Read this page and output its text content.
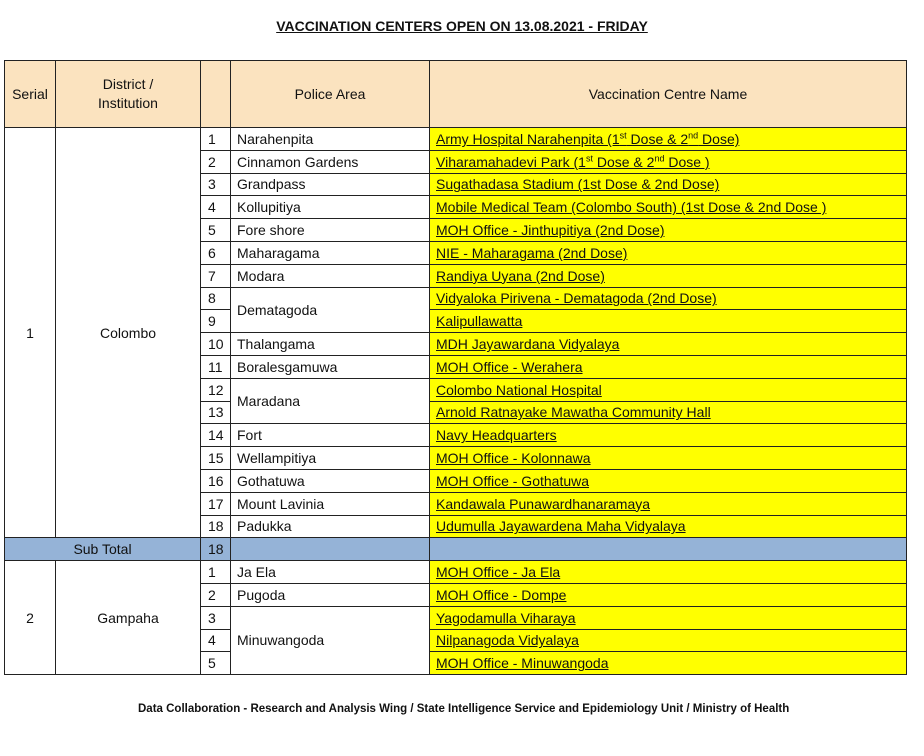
VACCINATION CENTERS OPEN ON 13.08.2021 - FRIDAY
Serial	District /
Institution		Police Area	Vaccination Centre Name
1	Colombo	1	Narahenpita	Army Hospital Narahenpita (1st Dose & 2nd Dose)
		2	Cinnamon Gardens	Viharamahadevi Park (1st Dose & 2nd Dose )
		3	Grandpass	Sugathadasa Stadium (1st Dose & 2nd Dose)
		4	Kollupitiya	Mobile Medical Team (Colombo South) (1st Dose & 2nd Dose )
		5	Fore shore	MOH Office - Jinthupitiya (2nd Dose)
		6	Maharagama	NIE - Maharagama (2nd Dose)
		7	Modara	Randiya Uyana (2nd Dose)
		8	Dematagoda	Vidyaloka Pirivena - Dematagoda (2nd Dose)
		9		Kalipullawatta
		10	Thalangama	MDH Jayawardana Vidyalaya
		11	Boralesgamuwa	MOH Office - Werahera
		12	Maradana	Colombo National Hospital
		13		Arnold Ratnayake Mawatha Community Hall
		14	Fort	Navy Headquarters
		15	Wellampitiya	MOH Office - Kolonnawa
		16	Gothatuwa	MOH Office - Gothatuwa
		17	Mount Lavinia	Kandawala Punawardhanaramaya
		18	Padukka	Udumulla Jayawardena Maha Vidyalaya
Sub Total		18		
2	Gampaha	1	Ja Ela	MOH Office - Ja Ela
		2	Pugoda	MOH Office - Dompe
		3	Minuwangoda	Yagodamulla Viharaya
		4		Nilpanagoda Vidyalaya
		5		MOH Office - Minuwangoda
Data Collaboration - Research and Analysis Wing / State Intelligence Service and Epidemiology Unit / Ministry of Health
